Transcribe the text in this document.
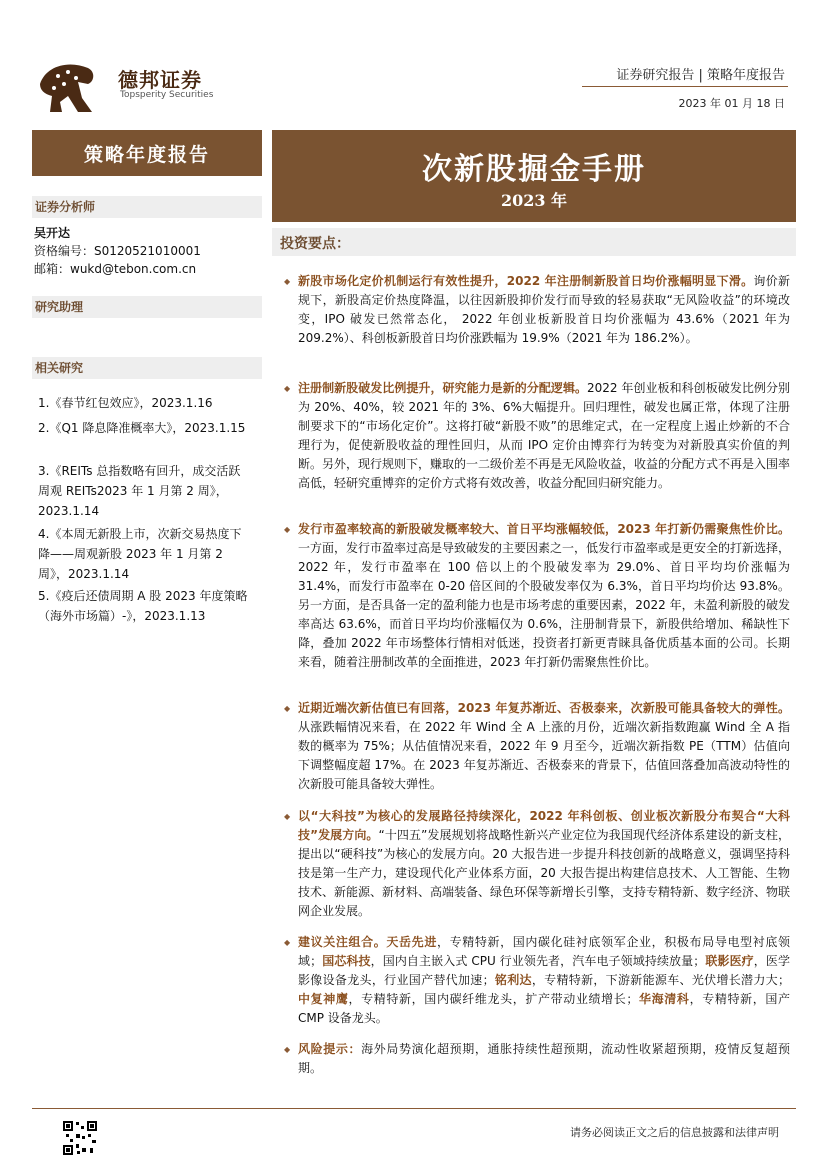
德邦证券
Topsperity Securities
证券研究报告 | 策略年度报告
2023 年 01 月 18 日
策略年度报告	次新股掘金手册
2023 年
证券分析师
吴开达
资格编号：S0120521010001
邮箱：wukd@tebon.com.cn
研究助理
相关研究
1.《春节红包效应》，2023.1.16
2.《Q1 降息降准概率大》，2023.1.15
3.《REITs 总指数略有回升，成交活跃周观 REITs2023 年 1 月第 2 周》，2023.1.14
4.《本周无新股上市，次新交易热度下降——周观新股 2023 年 1 月第 2 周》，2023.1.14
5.《疫后还债周期 A 股 2023 年度策略（海外市场篇）-》，2023.1.13
投资要点：
◆ 新股市场化定价机制运行有效性提升，2022 年注册制新股首日均价涨幅明显下滑。询价新规下，新股高定价热度降温，以往因新股抑价发行而导致的轻易获取“无风险收益”的环境改变，IPO 破发已然常态化， 2022 年创业板新股首日均价涨幅为 43.6%（2021 年为 209.2%）、科创板新股首日均价涨跌幅为 19.9%（2021 年为 186.2%）。
◆ 注册制新股破发比例提升，研究能力是新的分配逻辑。2022 年创业板和科创板破发比例分别为 20%、40%，较 2021 年的 3%、6%大幅提升。回归理性，破发也属正常，体现了注册制要求下的“市场化定价”。这将打破“新股不败”的思维定式，在一定程度上遏止炒新的不合理行为，促使新股收益的理性回归，从而 IPO 定价由博弈行为转变为对新股真实价值的判断。另外，现行规则下，赚取的一二级价差不再是无风险收益，收益的分配方式不再是入围率高低，轻研究重博弈的定价方式将有效改善，收益分配回归研究能力。
◆ 发行市盈率较高的新股破发概率较大、首日平均涨幅较低，2023 年打新仍需聚焦性价比。一方面，发行市盈率过高是导致破发的主要因素之一，低发行市盈率或是更安全的打新选择，2022 年，发行市盈率在 100 倍以上的个股破发率为 29.0%、首日平均均价涨幅为 31.4%，而发行市盈率在 0-20 倍区间的个股破发率仅为 6.3%，首日平均均价达 93.8%。另一方面，是否具备一定的盈利能力也是市场考虑的重要因素，2022 年，未盈利新股的破发率高达 63.6%，而首日平均均价涨幅仅为 0.6%，注册制背景下，新股供给增加、稀缺性下降，叠加 2022 年市场整体行情相对低迷，投资者打新更青睐具备优质基本面的公司。长期来看，随着注册制改革的全面推进，2023 年打新仍需聚焦性价比。
◆ 近期近端次新估值已有回落，2023 年复苏渐近、否极泰来，次新股可能具备较大的弹性。从涨跌幅情况来看，在 2022 年 Wind 全 A 上涨的月份，近端次新指数跑赢 Wind 全 A 指数的概率为 75%；从估值情况来看，2022 年 9 月至今，近端次新指数 PE（TTM）估值向下调整幅度超 17%。在 2023 年复苏渐近、否极泰来的背景下，估值回落叠加高波动特性的次新股可能具备较大弹性。
◆ 以“大科技”为核心的发展路径持续深化，2022 年科创板、创业板次新股分布契合“大科技”发展方向。“十四五”发展规划将战略性新兴产业定位为我国现代经济体系建设的新支柱，提出以“硬科技”为核心的发展方向。20 大报告进一步提升科技创新的战略意义，强调坚持科技是第一生产力，建设现代化产业体系方面，20 大报告提出构建信息技术、人工智能、生物技术、新能源、新材料、高端装备、绿色环保等新增长引擎，支持专精特新、数字经济、物联网企业发展。
◆ 建议关注组合。天岳先进，专精特新，国内碳化硅衬底领军企业，积极布局导电型衬底领域；国芯科技，国内自主嵌入式 CPU 行业领先者，汽车电子领域持续放量；联影医疗，医学影像设备龙头，行业国产替代加速；铭利达，专精特新，下游新能源车、光伏增长潜力大；中复神鹰，专精特新，国内碳纤维龙头，扩产带动业绩增长；华海清科，专精特新，国产 CMP 设备龙头。
◆ 风险提示：海外局势演化超预期，通胀持续性超预期，流动性收紧超预期，疫情反复超预期。
请务必阅读正文之后的信息披露和法律声明
